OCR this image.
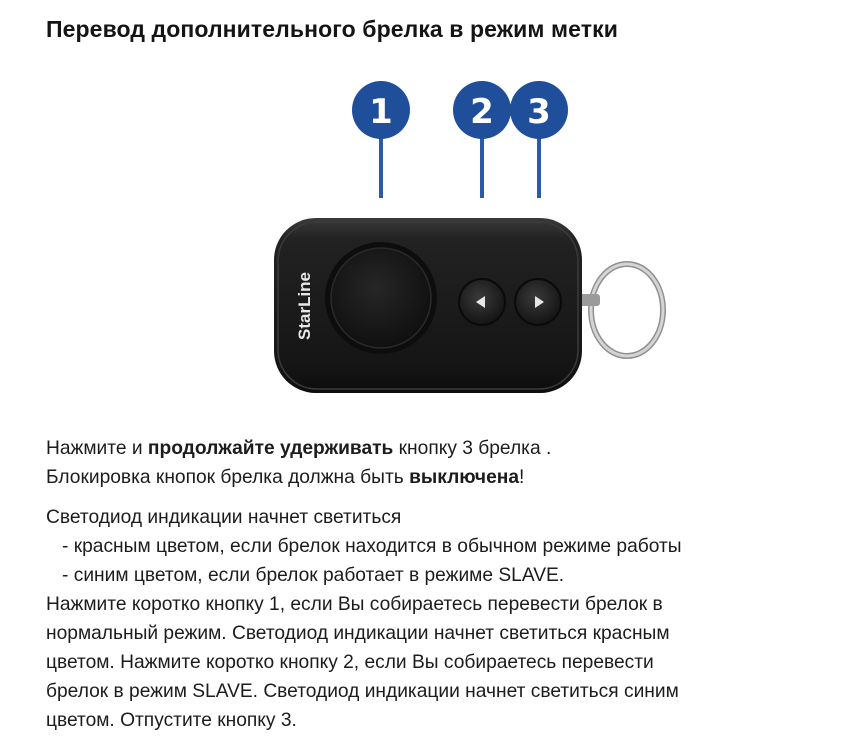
Перевод дополнительного брелка в режим метки
1 2 3
StarLine

Нажмите и продолжайте удерживать кнопку 3 брелка .

Блокировка кнопок брелка должна быть выключена!

Светодиод индикации начнет светиться

- красным цветом, если брелок находится в обычном режиме работы

- синим цветом, если брелок работает в режиме SLAVE.

Нажмите коротко кнопку 1, если Вы собираетесь перевести брелок в

нормальный режим. Светодиод индикации начнет светиться красным

цветом. Нажмите коротко кнопку 2, если Вы собираетесь перевести

брелок в режим SLAVE. Светодиод индикации начнет светиться синим

цветом. Отпустите кнопку 3.
